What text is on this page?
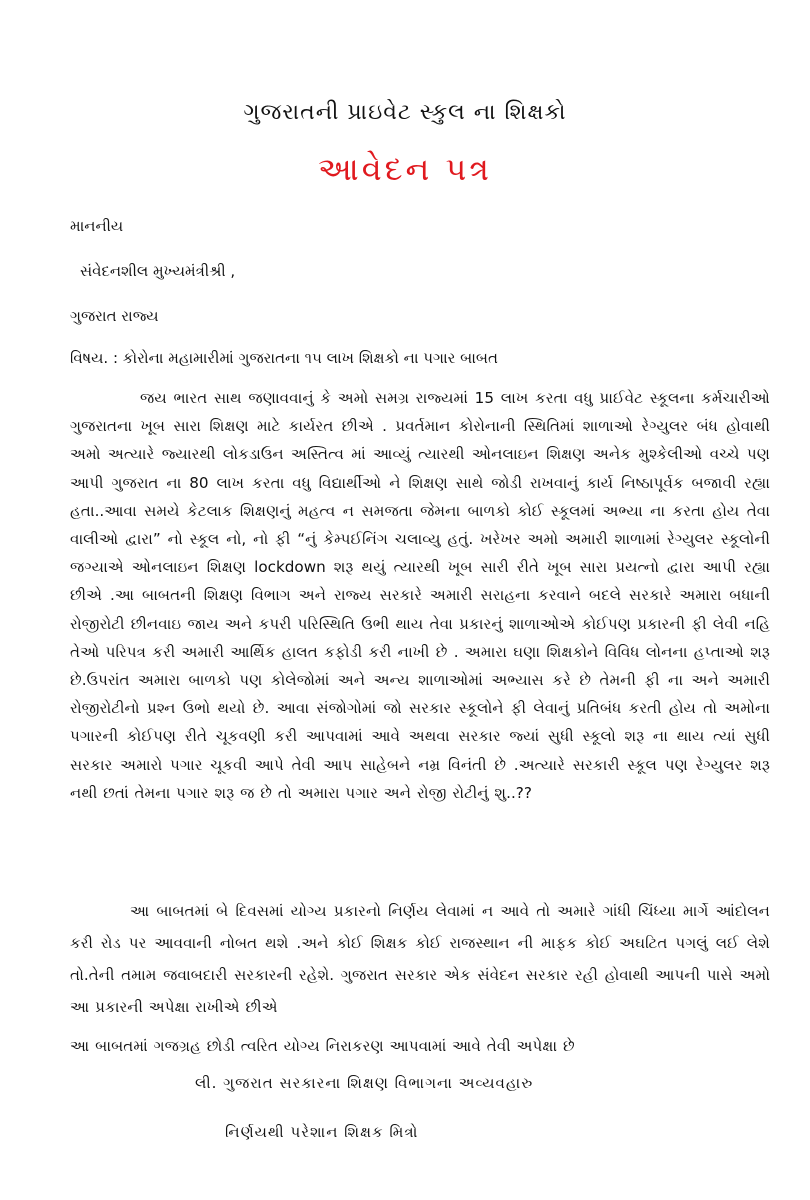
ગુજરાતની પ્રાઇવેટ સ્કુલ ના શિક્ષકો
આવેદન પત્ર
માનનીય
સંવેદનશીલ મુખ્યમંત્રીશ્રી ,
ગુજરાત રાજ્ય
વિષય. : કોરોના મહામારીમાં ગુજરાતના ૧૫ લાખ શિક્ષકો ના પગાર બાબત
જય ભારત સાથ જણાવવાનું કે અમો સમગ્ર રાજ્યમાં 15 લાખ કરતા વધુ પ્રાઈવેટ સ્કૂલના કર્મચારીઓ ગુજરાતના ખૂબ સારા શિક્ષણ માટે કાર્યરત છીએ . પ્રવર્તમાન કોરોનાની સ્થિતિમાં શાળાઓ રેગ્યુલર બંધ હોવાથી અમો અત્યારે જ્યારથી લોકડાઉન અસ્તિત્વ માં આવ્યું ત્યારથી ઓનલાઇન શિક્ષણ અનેક મુશ્કેલીઓ વચ્ચે પણ આપી ગુજરાત ના 80 લાખ કરતા વધુ વિદ્યાર્થીઓ ને શિક્ષણ સાથે જોડી રાખવાનું કાર્ય નિષ્ઠાપૂર્વક બજાવી રહ્યા હતા..આવા સમયે કેટલાક શિક્ષણનું મહત્વ ન સમજતા જેમના બાળકો કોઈ સ્કૂલમાં અભ્યા ના કરતા હોય તેવા વાલીઓ દ્વારા” નો સ્કૂલ નો, નો ફી “નું કેમ્પઈનિંગ ચલાવ્યુ હતું. ખરેખર અમો અમારી શાળામાં રેગ્યુલર સ્કૂલોની જગ્યાએ ઓનલાઇન શિક્ષણ lockdown શરૂ થયું ત્યારથી ખૂબ સારી રીતે ખૂબ સારા પ્રયત્નો દ્વારા આપી રહ્યા છીએ .આ બાબતની શિક્ષણ વિભાગ અને રાજ્ય સરકારે અમારી સરાહના કરવાને બદલે સરકારે અમારા બધાની રોજીરોટી છીનવાઇ જાય અને કપરી પરિસ્થિતિ ઉભી થાય તેવા પ્રકારનું શાળાઓએ કોઈપણ પ્રકારની ફી લેવી નહિ તેઓ પરિપત્ર કરી અમારી આર્થિક હાલત કફોડી કરી નાખી છે . અમારા ઘણા શિક્ષકોને વિવિધ લોનના હપ્તાઓ શરૂ છે.ઉપરાંત અમારા બાળકો પણ કોલેજોમાં અને અન્ય શાળાઓમાં અભ્યાસ કરે છે તેમની ફી ના અને અમારી રોજીરોટીનો પ્રશ્ન ઉભો થયો છે. આવા સંજોગોમાં જો સરકાર સ્કૂલોને ફી લેવાનું પ્રતિબંધ કરતી હોય તો અમોના પગારની કોઈપણ રીતે ચૂકવણી કરી આપવામાં આવે અથવા સરકાર જ્યાં સુધી સ્કૂલો શરૂ ના થાય ત્યાં સુધી સરકાર અમારો પગાર ચૂકવી આપે તેવી આપ સાહેબને નમ્ર વિનંતી છે .અત્યારે સરકારી સ્કૂલ પણ રેગ્યુલર શરૂ નથી છતાં તેમના પગાર શરૂ જ છે તો અમારા પગાર અને રોજી રોટીનું શુ..??
આ બાબતમાં બે દિવસમાં યોગ્ય પ્રકારનો નિર્ણય લેવામાં ન આવે તો અમારે ગાંધી ચિંધ્યા માર્ગે આંદોલન કરી રોડ પર આવવાની નોબત થશે .અને કોઈ શિક્ષક કોઈ રાજસ્થાન ની માફક કોઈ અઘટિત પગલું લઈ લેશે તો.તેની તમામ જવાબદારી સરકારની રહેશે. ગુજરાત સરકાર એક સંવેદન સરકાર રહી હોવાથી આપની પાસે અમો આ પ્રકારની અપેક્ષા રાખીએ છીએ
આ બાબતમાં ગજગ્રહ છોડી ત્વરિત યોગ્ય નિરાકરણ આપવામાં આવે તેવી અપેક્ષા છે
લી. ગુજરાત સરકારના શિક્ષણ વિભાગના અવ્યવહારુ
નિર્ણયથી પરેશાન શિક્ષક મિત્રો
